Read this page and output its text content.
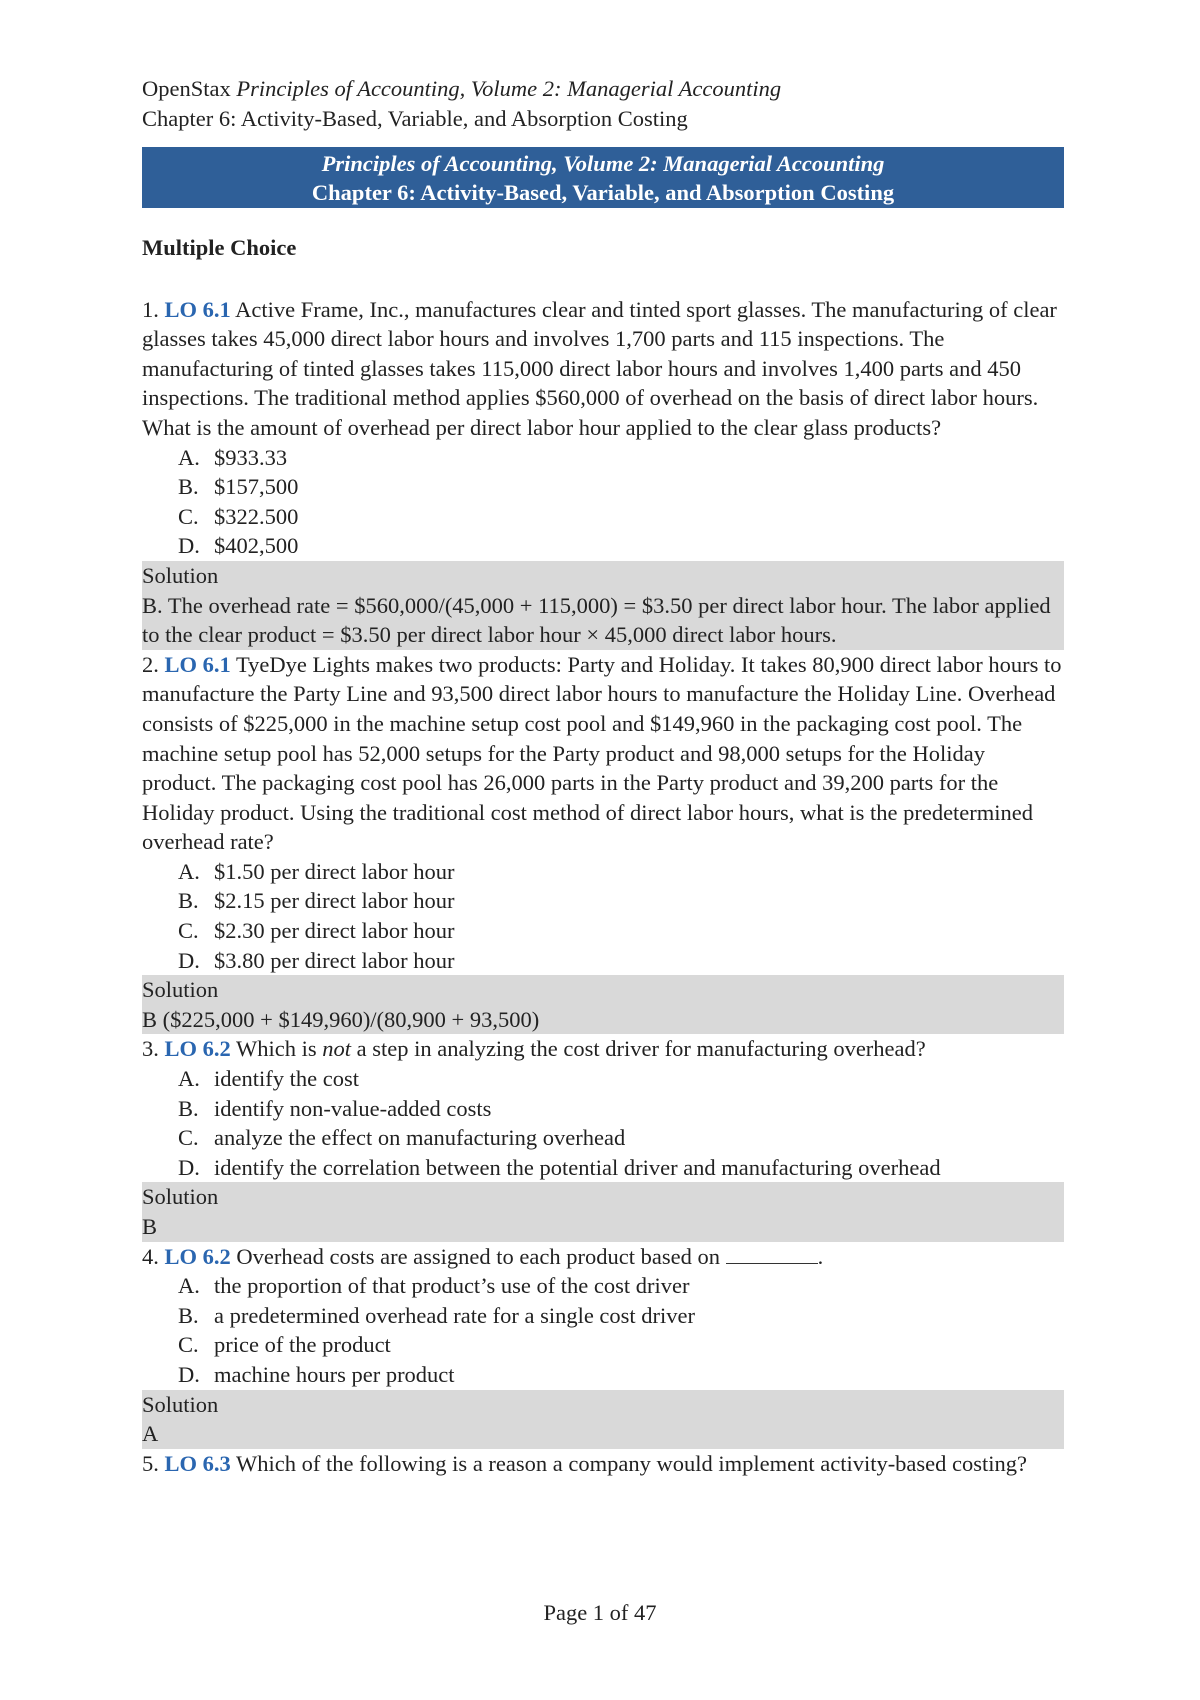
OpenStax Principles of Accounting, Volume 2: Managerial Accounting
Chapter 6: Activity-Based, Variable, and Absorption Costing
Principles of Accounting, Volume 2: Managerial Accounting
Chapter 6: Activity-Based, Variable, and Absorption Costing
Multiple Choice

1. LO 6.1 Active Frame, Inc., manufactures clear and tinted sport glasses. The manufacturing of clear glasses takes 45,000 direct labor hours and involves 1,700 parts and 115 inspections. The manufacturing of tinted glasses takes 115,000 direct labor hours and involves 1,400 parts and 450 inspections. The traditional method applies $560,000 of overhead on the basis of direct labor hours. What is the amount of overhead per direct labor hour applied to the clear glass products?

A. $933.33
B. $157,500
C. $322.500
D. $402,500
Solution
B. The overhead rate = $560,000/(45,000 + 115,000) = $3.50 per direct labor hour. The labor applied to the clear product = $3.50 per direct labor hour × 45,000 direct labor hours.

2. LO 6.1 TyeDye Lights makes two products: Party and Holiday. It takes 80,900 direct labor hours to manufacture the Party Line and 93,500 direct labor hours to manufacture the Holiday Line. Overhead consists of $225,000 in the machine setup cost pool and $149,960 in the packaging cost pool. The machine setup pool has 52,000 setups for the Party product and 98,000 setups for the Holiday product. The packaging cost pool has 26,000 parts in the Party product and 39,200 parts for the Holiday product. Using the traditional cost method of direct labor hours, what is the predetermined overhead rate?

A. $1.50 per direct labor hour
B. $2.15 per direct labor hour
C. $2.30 per direct labor hour
D. $3.80 per direct labor hour
Solution
B ($225,000 + $149,960)/(80,900 + 93,500)

3. LO 6.2 Which is not a step in analyzing the cost driver for manufacturing overhead?

A. identify the cost
B. identify non-value-added costs
C. analyze the effect on manufacturing overhead
D. identify the correlation between the potential driver and manufacturing overhead
Solution
B

4. LO 6.2 Overhead costs are assigned to each product based on	.

A. the proportion of that product’s use of the cost driver
B. a predetermined overhead rate for a single cost driver
C. price of the product
D. machine hours per product
Solution
A

5. LO 6.3 Which of the following is a reason a company would implement activity-based costing?

Page 1 of 47
